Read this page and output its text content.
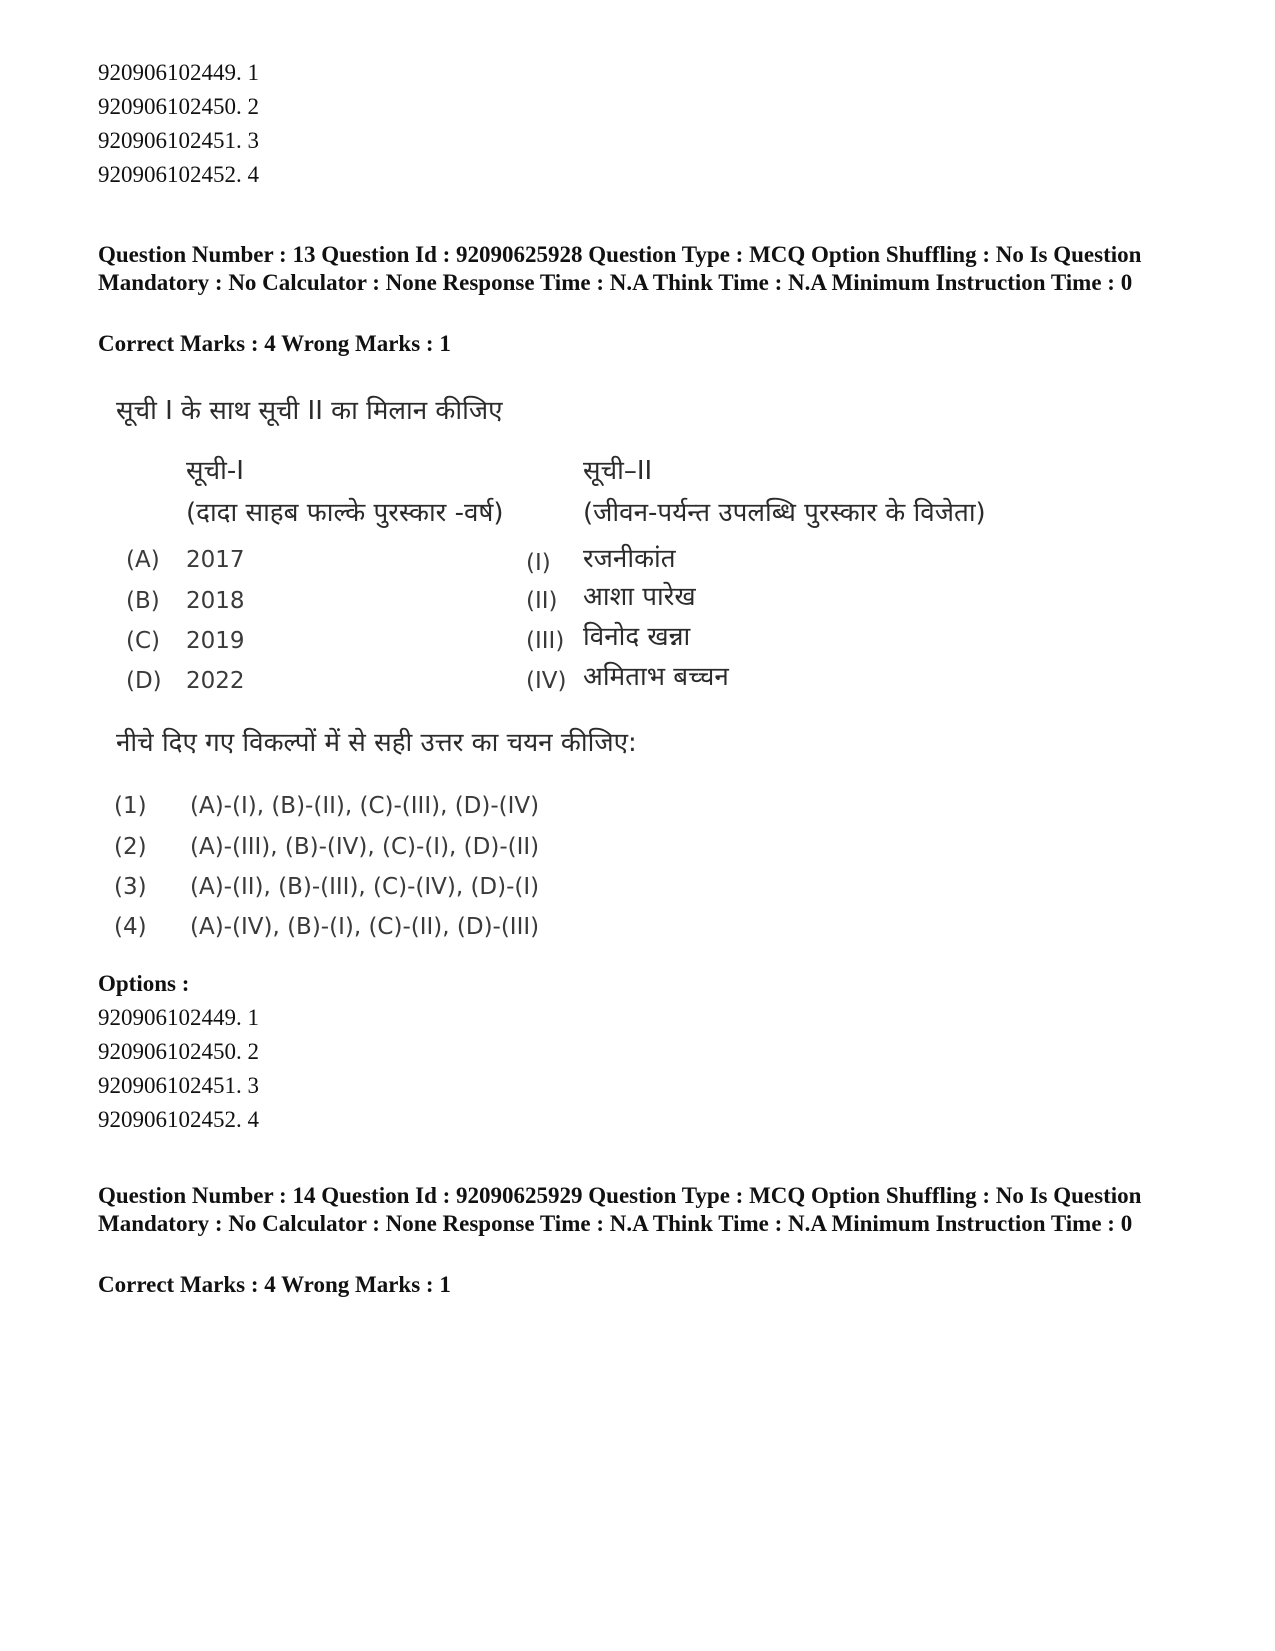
920906102449. 1
920906102450. 2
920906102451. 3
920906102452. 4
Question Number : 13 Question Id : 92090625928 Question Type : MCQ Option Shuffling : No Is Question Mandatory : No Calculator : None Response Time : N.A Think Time : N.A Minimum Instruction Time : 0
Correct Marks : 4 Wrong Marks : 1
सूची I के साथ सूची II का मिलान कीजिए
सूची-I
(दादा साहब फाल्के पुरस्कार -वर्ष)
सूची–II
(जीवन-पर्यन्त उपलब्धि पुरस्कार के विजेता)
(A) 2017
(B) 2018
(C) 2019
(D) 2022
(I) रजनीकांत
(II) आशा पारेख
(III) विनोद खन्ना
(IV) अमिताभ बच्चन
नीचे दिए गए विकल्पों में से सही उत्तर का चयन कीजिए:
(1) (A)-(I), (B)-(II), (C)-(III), (D)-(IV)
(2) (A)-(III), (B)-(IV), (C)-(I), (D)-(II)
(3) (A)-(II), (B)-(III), (C)-(IV), (D)-(I)
(4) (A)-(IV), (B)-(I), (C)-(II), (D)-(III)
Options :
920906102449. 1
920906102450. 2
920906102451. 3
920906102452. 4
Question Number : 14 Question Id : 92090625929 Question Type : MCQ Option Shuffling : No Is Question Mandatory : No Calculator : None Response Time : N.A Think Time : N.A Minimum Instruction Time : 0
Correct Marks : 4 Wrong Marks : 1
